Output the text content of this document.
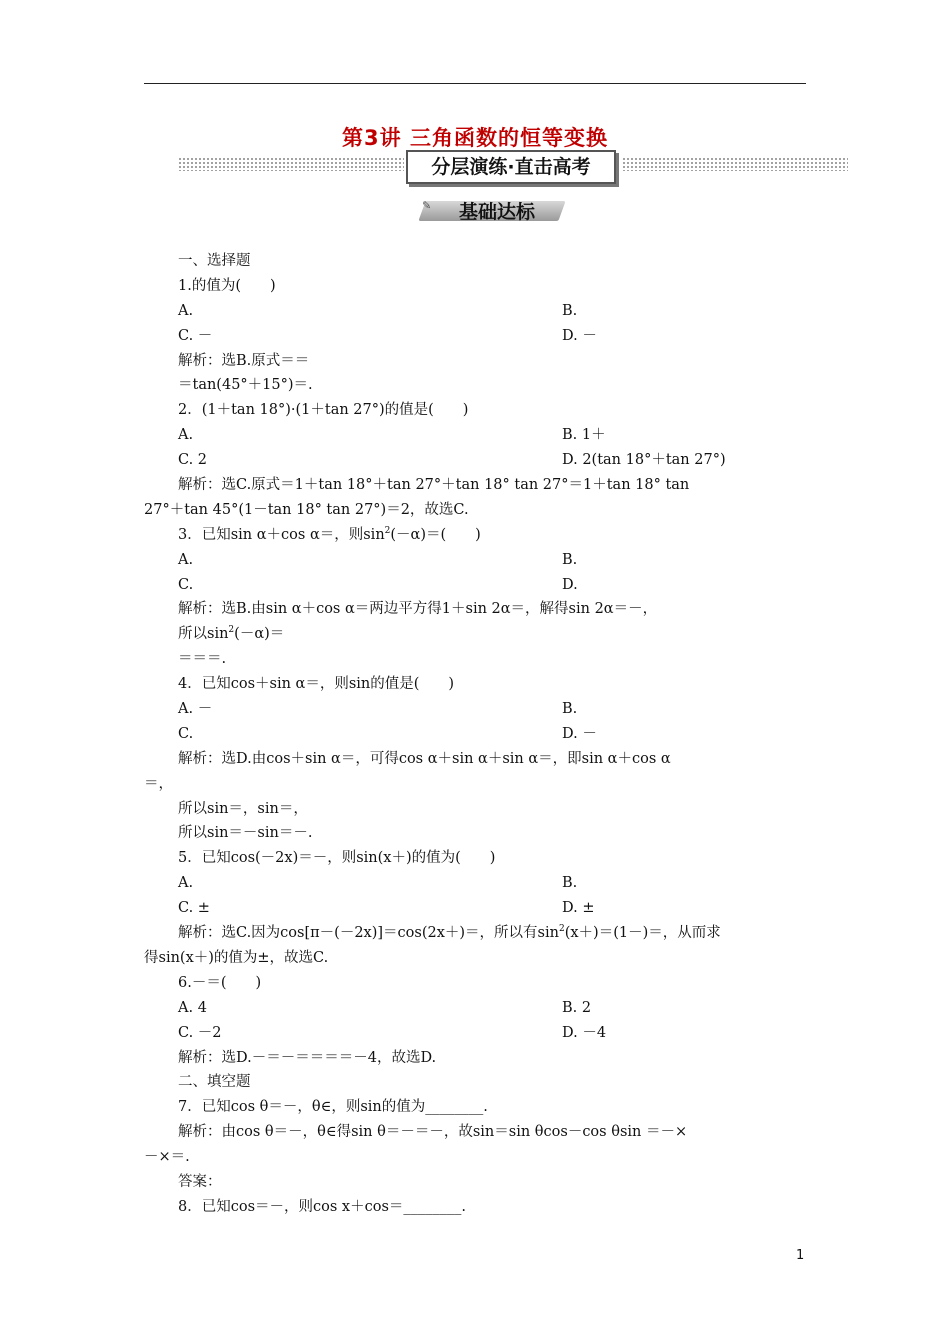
第3讲 三角函数的恒等变换
分层演练·直击高考
✎	基础达标
一、选择题
1.的值为(　　)
A.	B.
C. －	D. －
解析：选B.原式＝＝
＝tan(45°＋15°)＝.
2．(1＋tan 18°)·(1＋tan 27°)的值是(　　)
A.	B. 1＋
C. 2	D. 2(tan 18°＋tan 27°)
解析：选C.原式＝1＋tan 18°＋tan 27°＋tan 18° tan 27°＝1＋tan 18° tan
27°＋tan 45°(1－tan 18° tan 27°)＝2，故选C.
3．已知sin α＋cos α＝，则$\sin^2(-\alpha)=$(　　)
A.	B.
C.	D.
解析：选B.由sin α＋cos α＝两边平方得1＋sin 2α＝，解得sin 2α＝－，
所以$\sin^2(-\alpha)=$
＝＝＝.
4．已知cos＋sin α＝，则sin的值是(　　)
A. －	B.
C.	D. －
解析：选D.由cos＋sin α＝，可得cos α＋sin α＋sin α＝，即sin α＋cos α
＝，
所以sin＝，sin＝，
所以sin＝－sin＝－.
5．已知cos(－2x)＝－，则sin(x＋)的值为(　　)
A.	B.
C. ±	D. ±
解析：选C.因为cos[π－(－2x)]＝cos(2x＋)＝，所以有$\sin^2(x+)=(1-)=$，从而求
得sin(x＋)的值为±，故选C.
6.－＝(　　)
A. 4	B. 2
C. －2	D. －4
解析：选D.－＝－＝＝＝＝－4，故选D.
二、填空题
7．已知cos θ＝－，θ∈，则sin的值为________.
解析：由cos θ＝－，θ∈得sin θ＝－＝－，故sin＝sin θcos－cos θsin ＝－×
－×＝.
答案：
8．已知cos＝－，则cos x＋cos＝________.
1
